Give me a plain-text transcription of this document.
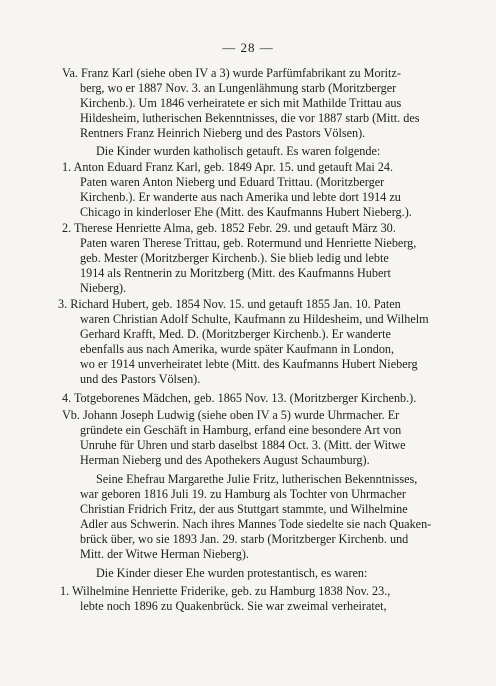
— 28 —
Va. Franz Karl (siehe oben IV a 3) wurde Parfümfabrikant zu Moritz-
berg, wo er 1887 Nov. 3. an Lungenlähmung starb (Moritzberger
Kirchenb.). Um 1846 verheiratete er sich mit Mathilde Trittau aus
Hildesheim, lutherischen Bekenntnisses, die vor 1887 starb (Mitt. des
Rentners Franz Heinrich Nieberg und des Pastors Völsen).
Die Kinder wurden katholisch getauft. Es waren folgende:
1. Anton Eduard Franz Karl, geb. 1849 Apr. 15. und getauft Mai 24.
Paten waren Anton Nieberg und Eduard Trittau. (Moritzberger
Kirchenb.). Er wanderte aus nach Amerika und lebte dort 1914 zu
Chicago in kinderloser Ehe (Mitt. des Kaufmanns Hubert Nieberg.).
2. Therese Henriette Alma, geb. 1852 Febr. 29. und getauft März 30.
Paten waren Therese Trittau, geb. Rotermund und Henriette Nieberg,
geb. Mester (Moritzberger Kirchenb.). Sie blieb ledig und lebte
1914 als Rentnerin zu Moritzberg (Mitt. des Kaufmanns Hubert
Nieberg).
3. Richard Hubert, geb. 1854 Nov. 15. und getauft 1855 Jan. 10. Paten
waren Christian Adolf Schulte, Kaufmann zu Hildesheim, und Wilhelm
Gerhard Krafft, Med. D. (Moritzberger Kirchenb.). Er wanderte
ebenfalls aus nach Amerika, wurde später Kaufmann in London,
wo er 1914 unverheiratet lebte (Mitt. des Kaufmanns Hubert Nieberg
und des Pastors Völsen).
4. Totgeborenes Mädchen, geb. 1865 Nov. 13. (Moritzberger Kirchenb.).
Vb. Johann Joseph Ludwig (siehe oben IV a 5) wurde Uhrmacher. Er
gründete ein Geschäft in Hamburg, erfand eine besondere Art von
Unruhe für Uhren und starb daselbst 1884 Oct. 3. (Mitt. der Witwe
Herman Nieberg und des Apothekers August Schaumburg).
Seine Ehefrau Margarethe Julie Fritz, lutherischen Bekenntnisses,
war geboren 1816 Juli 19. zu Hamburg als Tochter von Uhrmacher
Christian Fridrich Fritz, der aus Stuttgart stammte, und Wilhelmine
Adler aus Schwerin. Nach ihres Mannes Tode siedelte sie nach Quaken-
brück über, wo sie 1893 Jan. 29. starb (Moritzberger Kirchenb. und
Mitt. der Witwe Herman Nieberg).
Die Kinder dieser Ehe wurden protestantisch, es waren:
1. Wilhelmine Henriette Friderike, geb. zu Hamburg 1838 Nov. 23.,
lebte noch 1896 zu Quakenbrück. Sie war zweimal verheiratet,
